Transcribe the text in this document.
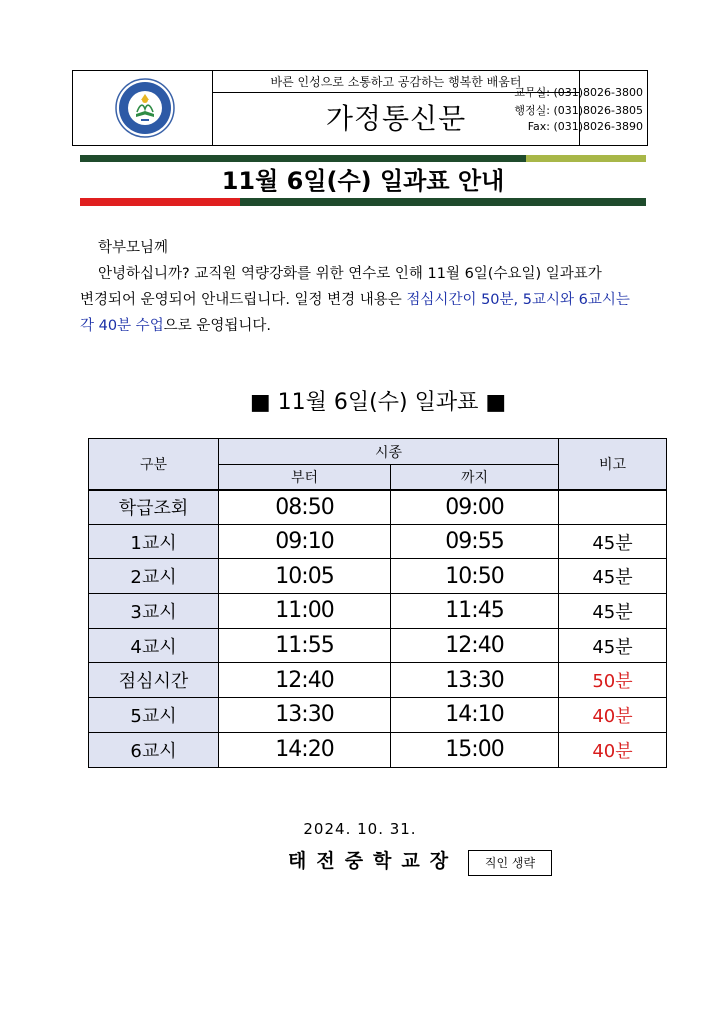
바른 인성으로 소통하고 공감하는 행복한 배움터
가정통신문
교무실: (031)8026-3800
행정실: (031)8026-3805
Fax: (031)8026-3890
11월 6일(수) 일과표 안내
학부모님께
안녕하십니까? 교직원 역량강화를 위한 연수로 인해 11월 6일(수요일) 일과표가
변경되어 운영되어 안내드립니다. 일정 변경 내용은 점심시간이 50분, 5교시와 6교시는
각 40분 수업으로 운영됩니다.
■ 11월 6일(수) 일과표 ■
구분	시종		비고
	부터	까지	
학급조회	08:50	09:00	
1교시	09:10	09:55	45분
2교시	10:05	10:50	45분
3교시	11:00	11:45	45분
4교시	11:55	12:40	45분
점심시간	12:40	13:30	50분
5교시	13:30	14:10	40분
6교시	14:20	15:00	40분
2024. 10. 31.
태전중학교장	직인 생략
